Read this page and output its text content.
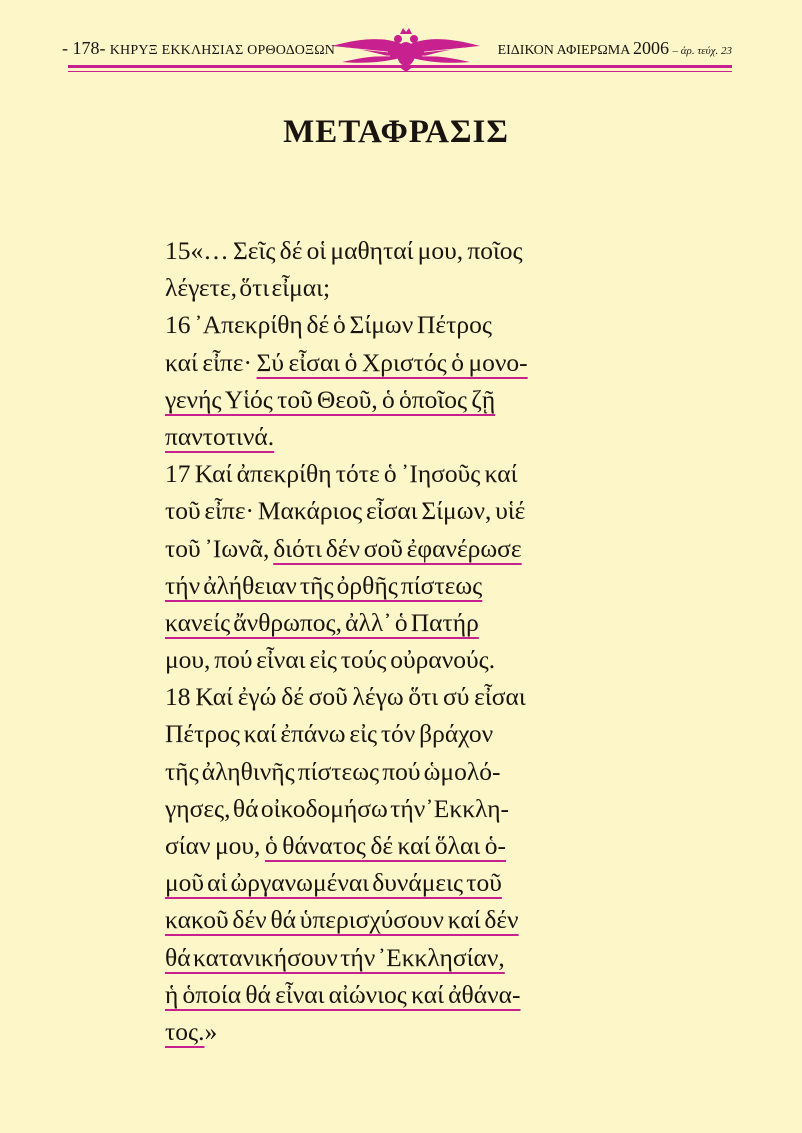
- 178- ΚΗΡΥΞ ΕΚΚΛΗΣΙΑΣ ΟΡΘΟΔΟΞΩΝ	ΕΙΔΙΚΟΝ ΑΦΙΕΡΩΜΑ 2006 – άρ. τεύχ. 23
ΜΕΤΑΦΡΑΣΙΣ
15«… Σεῖς δέ οἱ μαθηταί μου, ποῖος
λέγετε, ὅτι εἶμαι;
16 ᾿Απεκρίθη δέ ὁ Σίμων Πέτρος
καί εἶπε· Σύ εἶσαι ὁ Χριστός ὁ μονο-
γενής Υἱός τοῦ Θεοῦ, ὁ ὁποῖος ζῇ
παντοτινά.
17 Καί ἀπεκρίθη τότε ὁ ᾿Ιησοῦς καί
τοῦ εἶπε· Μακάριος εἶσαι Σίμων, υἱέ
τοῦ ᾿Ιωνᾶ, διότι δέν σοῦ ἐφανέρωσε
τήν ἀλήθειαν τῆς ὀρθῆς πίστεως
κανείς ἄνθρωπος, ἀλλ᾿ ὁ Πατήρ
μου, πού εἶναι εἰς τούς οὐρανούς.
18 Καί ἐγώ δέ σοῦ λέγω ὅτι σύ εἶσαι
Πέτρος καί ἐπάνω εἰς τόν βράχον
τῆς ἀληθινῆς πίστεως πού ὡμολό-
γησες, θά οἰκοδομήσω τήν᾿Εκκλη-
σίαν μου, ὁ θάνατος δέ καί ὅλαι ὁ-
μοῦ αἱ ὠργανωμέναι δυνάμεις τοῦ
κακοῦ δέν θά ὑπερισχύσουν καί δέν
θά κατανικήσουν τήν ᾿Εκκλησίαν,
ἡ ὁποία θά εἶναι αἰώνιος καί ἀθάνα-
τος.»
